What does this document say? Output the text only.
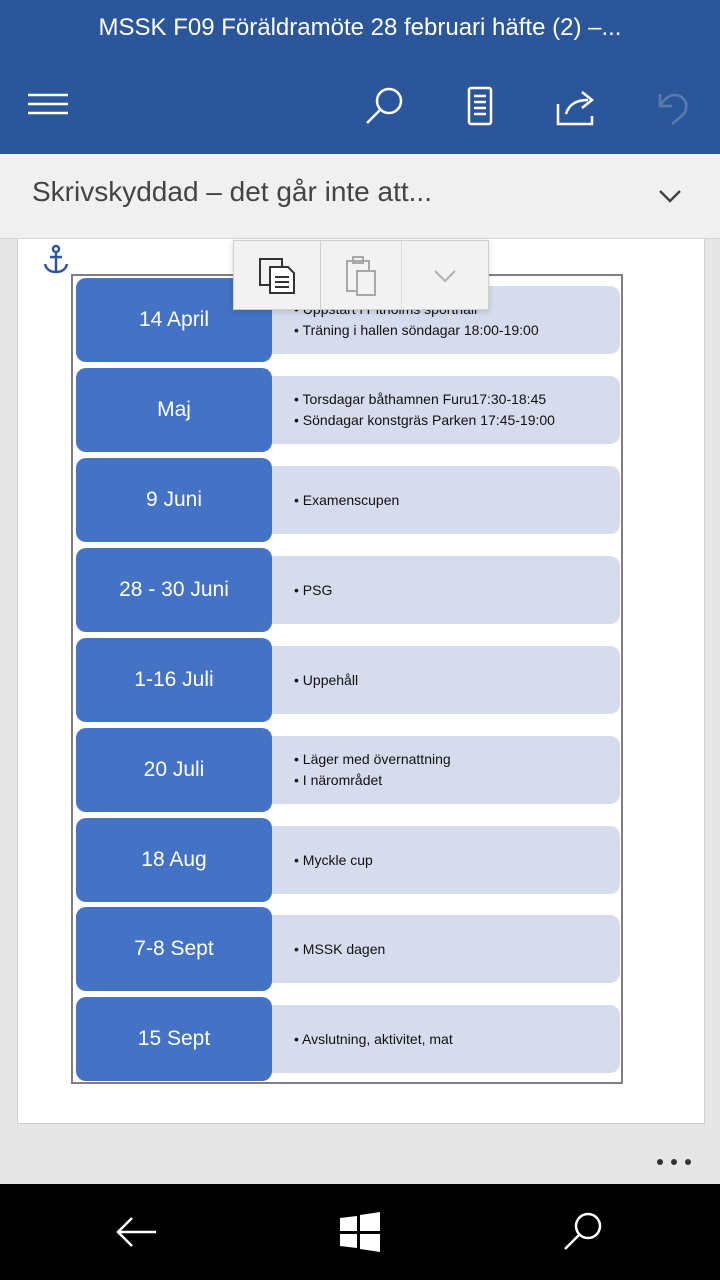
MSSK F09 Föräldramöte 28 februari häfte (2) –...
Skrivskyddad – det går inte att...
14 April	• Träning i hallen söndagar 18:00-19:00
Maj	• Torsdagar båthamnen Furu17:30-18:45
• Söndagar konstgräs Parken 17:45-19:00
9 Juni	• Examenscupen
28 - 30 Juni	• PSG
1-16 Juli	• Uppehåll
20 Juli	• Läger med övernattning
• I närområdet
18 Aug	• Myckle cup
7-8 Sept	• MSSK dagen
15 Sept	• Avslutning, aktivitet, mat
